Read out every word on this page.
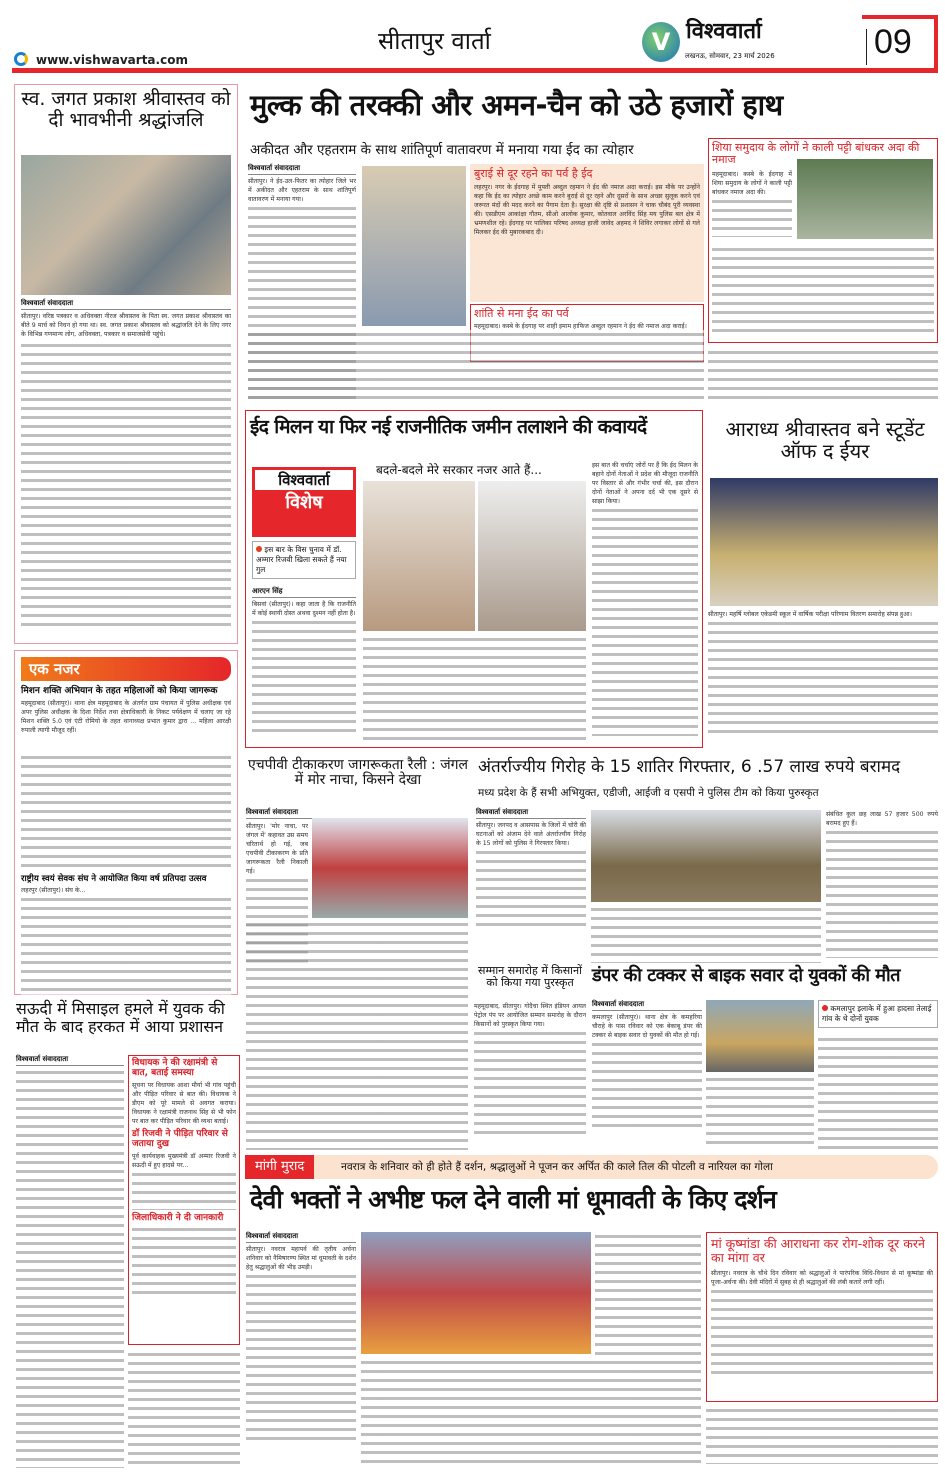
www.vishwavarta.com
सीतापुर वार्ता	V विश्ववार्ता
लखनऊ, सोमवार, 23 मार्च 2026	09
स्व. जगत प्रकाश श्रीवास्तव को दी भावभीनी श्रद्धांजलि
विश्ववार्ता संवाददाता
सीतापुर। वरिष्ठ पत्रकार व अधिवक्ता नीरज श्रीवास्तव के पिता स्व. जगत प्रकाश श्रीवास्तव का बीते 9 मार्च को निधन हो गया था। स्व. जगत प्रकाश श्रीवास्तव को श्रद्धांजलि देने के लिए नगर के विभिन्न गणमान्य लोग, अधिवक्ता, पत्रकार व समाजसेवी पहुंचे।
एक नजर
मिशन शक्ति अभियान के तहत महिलाओं को किया जागरूक
महमूदाबाद (सीतापुर)। थाना क्षेत्र महमूदाबाद के अंतर्गत ग्राम पंचायत में पुलिस अधीक्षक एवं अपर पुलिस अधीक्षक के दिशा निर्देश तथा क्षेत्राधिकारी के निकट पर्यवेक्षण में चलाए जा रहे मिशन शक्ति 5.0 एवं एंटी रोमियो के तहत थानाध्यक्ष प्रभात कुमार द्वारा ... महिला आरक्षी रुपाली त्यागी मौजूद रहीं।
राष्ट्रीय स्वयं सेवक संघ ने आयोजित किया वर्ष प्रतिपदा उत्सव
लहरपुर (सीतापुर)। संघ के...
सऊदी में मिसाइल हमले में युवक की मौत के बाद हरकत में आया प्रशासन
विश्ववार्ता संवाददाता	विधायक ने की रक्षामंत्री से बात, बताई समस्या
सूचना पर विधायक आशा मौर्या भी गांव पहुंची और पीड़ित परिवार से बात की। विधायक ने डीएम को पूरे मामले से अवगत कराया। विधायक ने रक्षामंत्री राजनाथ सिंह से भी फोन पर बात कर पीड़ित परिवार की व्यथा बताई।
डॉ रिजवी ने पीड़ित परिवार से जताया दुख
पूर्व कार्यवाहक मुख्यमंत्री डॉ अम्मार रिजवी ने सऊदी में हुए हादसे पर...
जिलाधिकारी ने दी जानकारी
मुल्क की तरक्की और अमन-चैन को उठे हजारों हाथ
अकीदत और एहतराम के साथ शांतिपूर्ण वातावरण में मनाया गया ईद का त्योहार
विश्ववार्ता संवाददाता
सीतापुर। ने ईद-उल-फितर का त्योहार जिले भर में अकीदत और एहतराम के साथ शांतिपूर्ण वातावरण में मनाया गया।
बुराई से दूर रहने का पर्व है ईद
लहरपुर। नगर के ईदगाह में मुफ्ती अब्दुल रहमान ने ईद की नमाज अदा कराई। इस मौके पर उन्होंने कहा कि ईद का त्योहार अच्छे काम करने बुराई से दूर रहने और दूसरों के साथ अच्छा सुलूक करने एवं जरूरत मंदों की मदद करने का पैगाम देता है। सुरक्षा की दृष्टि से प्रशासन ने चाक चौबंद पूरी व्यवस्था की। एसडीएम आकांक्षा गौतम, सीओ आलोक कुमार, कोतवाल अरविंद सिंह मय पुलिस बल क्षेत्र में भ्रमणशील रहे। ईदगाह पर पालिका परिषद अध्यक्ष हाजी जावेद अहमद ने शिविर लगाकर लोगों से गले मिलकर ईद की मुबारकबाद दी।
शांति से मना ईद का पर्व
महमूदाबाद। कस्बे के ईदगाह पर शाही इमाम हाफिज अब्दुल रहमान ने ईद की नमाज अदा कराई।
शिया समुदाय के लोगों ने काली पट्टी बांधकर अदा की नमाज
महमूदाबाद। कस्बे के ईदगाह में शिया समुदाय के लोगों ने काली पट्टी बांधकर नमाज अदा की।
ईद मिलन या फिर नई राजनीतिक जमीन तलाशने की कवायदें
विश्ववार्ता
विशेष
इस बार के विस चुनाव में डॉ. अम्मार रिजवी खिला सकते हैं नया गुल
आरएन सिंह
बिसवां (सीतापुर)। कहा जाता है कि राजनीति में कोई स्थायी दोस्त अथवा दुश्मन नहीं होता है।
बदले-बदले मेरे सरकार नजर आते हैं...	इस बात की चर्चाएं जोरों पर हैं कि ईद मिलन के बहाने दोनों नेताओं ने प्रदेश की मौजूदा राजनीति पर विस्तार से और गंभीर चर्चा की, इस दौरान दोनों नेताओं ने अपना दर्द भी एक दूसरे से साझा किया।
आराध्य श्रीवास्तव बने स्टूडेंट ऑफ द ईयर
सीतापुर। महर्षि ग्लोबल एकेडमी स्कूल में वार्षिक परीक्षा परिणाम वितरण समारोह संपन्न हुआ।
एचपीवी टीकाकरण जागरूकता रैली : जंगल में मोर नाचा, किसने देखा
विश्ववार्ता संवाददाता
सीतापुर। 'मोर नाचा, पर जंगल में' कहावत उस समय चरितार्थ हो गई, जब एचपीवी टीकाकरण के प्रति जागरूकता रैली निकाली गई।
अंतर्राज्यीय गिरोह के 15 शातिर गिरफ्तार, 6 .57 लाख रुपये बरामद
मध्य प्रदेश के हैं सभी अभियुक्त, एडीजी, आईजी व एसपी ने पुलिस टीम को किया पुरुस्कृत
विश्ववार्ता संवाददाता
सीतापुर। जनपद व आसपास के जिलों में चोरी की घटनाओं को अंजाम देने वाले अंतर्राज्यीय गिरोह के 15 लोगों को पुलिस ने गिरफ्तार किया।
संबंधित कुल छह लाख 57 हजार 500 रुपये बरामद हुए हैं।
सम्मान समारोह में किसानों को किया गया पुरस्कृत
महमूदाबाद, सीतापुर। गोदैचा स्थित इंडियन आयल पेट्रोल पंप पर आयोजित सम्मान समारोह के दौरान किसानों को पुरस्कृत किया गया।
डंपर की टक्कर से बाइक सवार दो युवकों की मौत
विश्ववार्ता संवाददाता
कमलापुर (सीतापुर)। थाना क्षेत्र के कमहरिया चौराहे के पास रविवार को एक बेकाबू डंपर की टक्कर से बाइक सवार दो युवकों की मौत हो गई।
कमलापुर इलाके में हुआ हादसा तेलाई गांव के थे दोनों युवक
मांगी मुराद	नवरात्र के शनिवार को ही होते हैं दर्शन, श्रद्धालुओं ने पूजन कर अर्पित की काले तिल की पोटली व नारियल का गोला
देवी भक्तों ने अभीष्ट फल देने वाली मां धूमावती के किए दर्शन
विश्ववार्ता संवाददाता
सीतापुर। नवरात्र महापर्व की तृतीय अर्चना शनिवार को नैमिषारण्य स्थित मां धूमावती के दर्शन हेतु श्रद्धालुओं की भीड़ उमड़ी।
मां कूष्मांडा की आराधना कर रोग-शोक दूर करने का मांगा वर
सीतापुर। नवरात्र के चौथे दिन रविवार को श्रद्धालुओं ने पारंपरिक विधि-विधान से मां कूष्मांडा की पूजा-अर्चना की। देवी मंदिरों में सुबह से ही श्रद्धालुओं की लंबी कतारें लगी रहीं।
